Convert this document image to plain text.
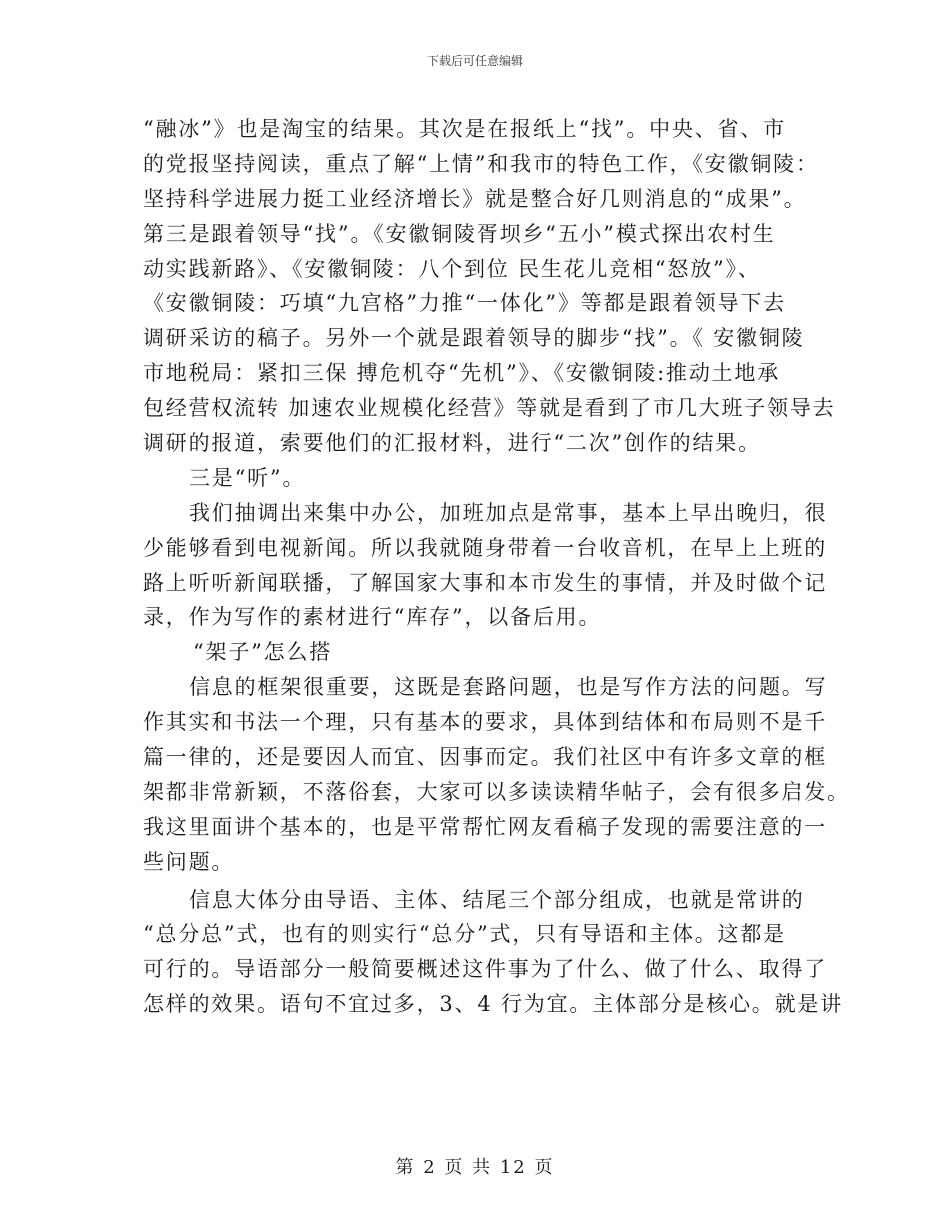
下载后可任意编辑
“融冰”》也是淘宝的结果。其次是在报纸上“找”。中央、省、市
的党报坚持阅读，重点了解“上情”和我市的特色工作，《安徽铜陵：
坚持科学进展力挺工业经济增长》就是整合好几则消息的“成果”。
第三是跟着领导“找”。《安徽铜陵胥坝乡“五小”模式探出农村生
动实践新路》、《安徽铜陵：八个到位 民生花儿竞相“怒放”》、
《安徽铜陵：巧填“九宫格”力推“一体化”》等都是跟着领导下去
调研采访的稿子。另外一个就是跟着领导的脚步“找”。《 安徽铜陵
市地税局：紧扣三保 搏危机夺“先机”》、《安徽铜陵:推动土地承
包经营权流转 加速农业规模化经营》等就是看到了市几大班子领导去
调研的报道，索要他们的汇报材料，进行“二次”创作的结果。
三是“听”。
我们抽调出来集中办公，加班加点是常事，基本上早出晚归，很
少能够看到电视新闻。所以我就随身带着一台收音机，在早上上班的
路上听听新闻联播，了解国家大事和本市发生的事情，并及时做个记
录，作为写作的素材进行“库存”，以备后用。
“架子”怎么搭
信息的框架很重要，这既是套路问题，也是写作方法的问题。写
作其实和书法一个理，只有基本的要求，具体到结体和布局则不是千
篇一律的，还是要因人而宜、因事而定。我们社区中有许多文章的框
架都非常新颖，不落俗套，大家可以多读读精华帖子，会有很多启发。
我这里面讲个基本的，也是平常帮忙网友看稿子发现的需要注意的一
些问题。
信息大体分由导语、主体、结尾三个部分组成，也就是常讲的
“总分总”式，也有的则实行“总分”式，只有导语和主体。这都是
可行的。导语部分一般简要概述这件事为了什么、做了什么、取得了
怎样的效果。语句不宜过多，3、4 行为宜。主体部分是核心。就是讲
第 2 页 共 12 页
